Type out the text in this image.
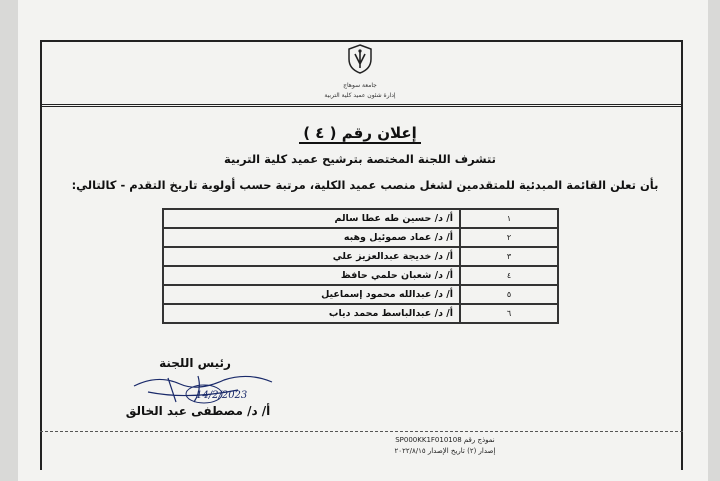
جامعة سوهاج
إدارة شئون عميد كلية التربية
إعلان رقم ( ٤ )
تتشرف اللجنة المختصة بترشيح عميد كلية التربية
بأن تعلن القائمة المبدئية للمتقدمين لشغل منصب عميد الكلية، مرتبة حسب أولوية تاريخ التقدم - كالتالي:
١	أ/ د/ حسين طه عطا سالم
٢	أ/ د/ عماد صموئيل وهبه
٣	أ/ د/ خديجة عبدالعزيز علي
٤	أ/ د/ شعبان حلمي حافظ
٥	أ/ د/ عبدالله محمود إسماعيل
٦	أ/ د/ عبدالباسط محمد دياب
رئيس اللجنة
14/2/2023
أ/ د/ مصطفى عبد الخالق
نموذج رقم SP000KK1F010108
إصدار (٢) تاريخ الإصدار ٢٠٢٢/٨/١٥
